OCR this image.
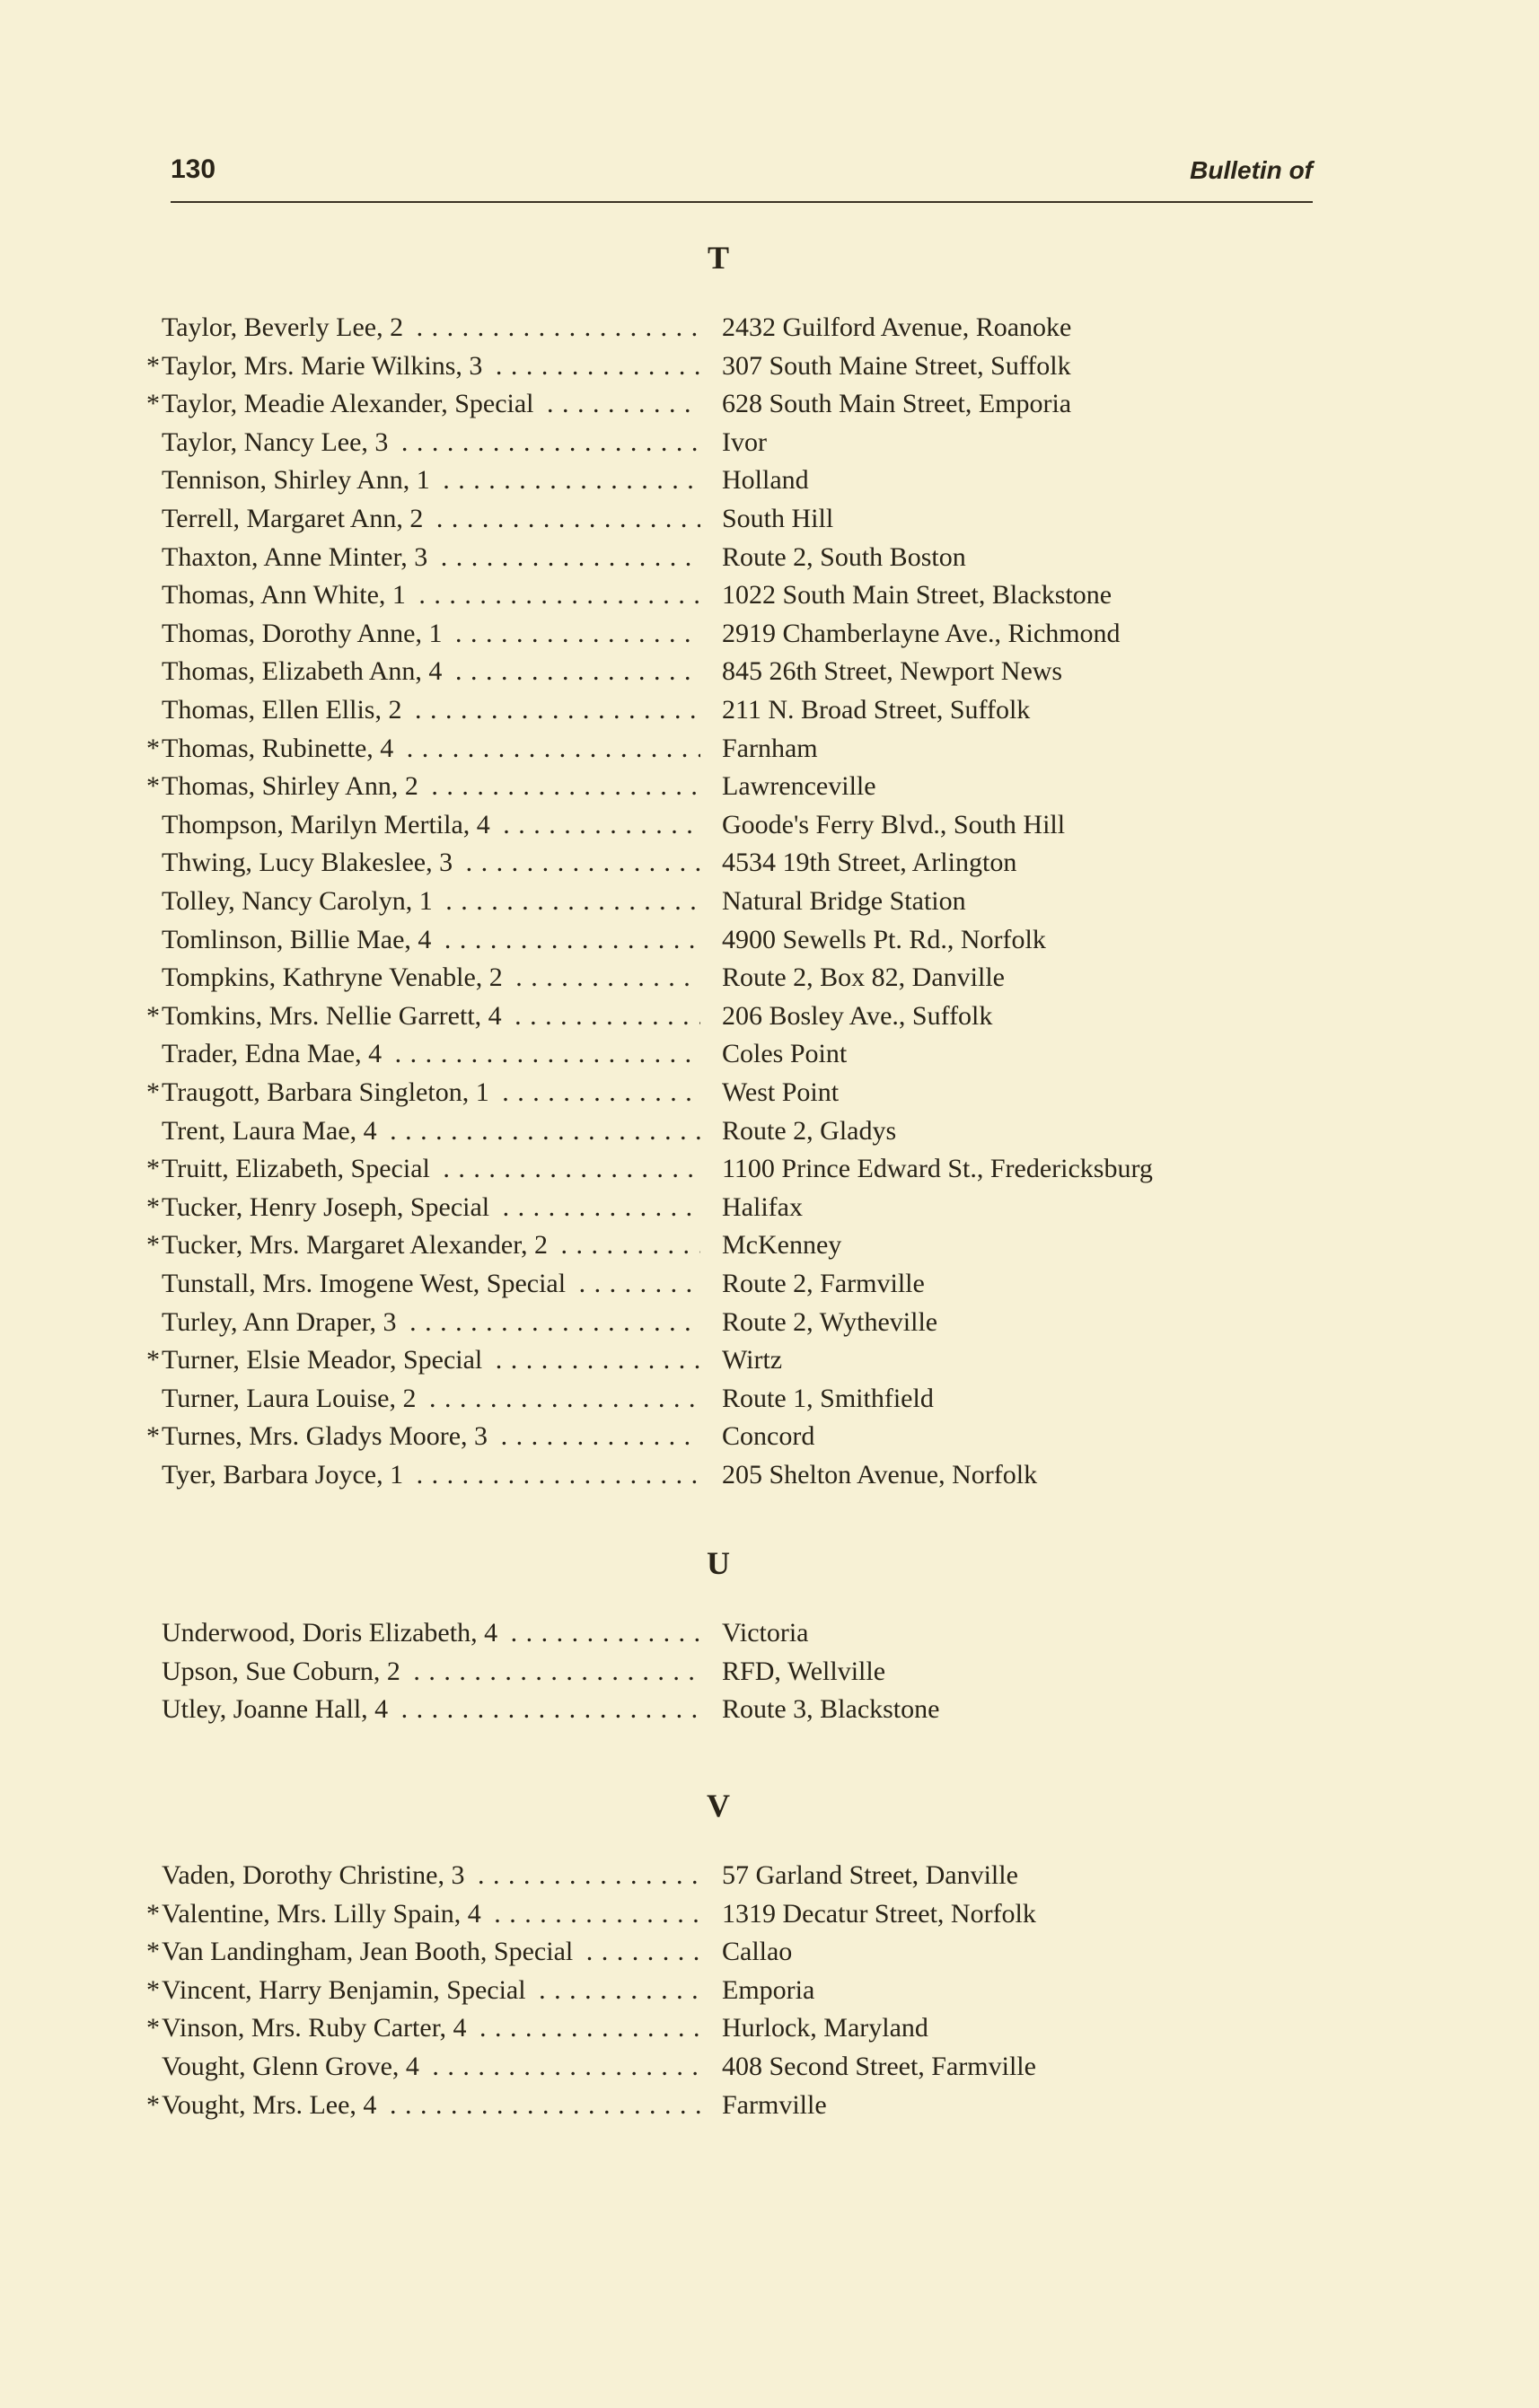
130	Bulletin of
T
U
V
Taylor, Beverly Lee, 2 . . .	2432 Guilford Avenue, Roanoke
* Taylor, Mrs. Marie Wilkins, 3 . . .	307 South Maine Street, Suffolk
* Taylor, Meadie Alexander, Special . . .	628 South Main Street, Emporia
Taylor, Nancy Lee, 3 . . .	Ivor
Tennison, Shirley Ann, 1 . . .	Holland
Terrell, Margaret Ann, 2 . . .	South Hill
Thaxton, Anne Minter, 3 . . .	Route 2, South Boston
Thomas, Ann White, 1 . . .	1022 South Main Street, Blackstone
Thomas, Dorothy Anne, 1 . . .	2919 Chamberlayne Ave., Richmond
Thomas, Elizabeth Ann, 4 . . .	845 26th Street, Newport News
Thomas, Ellen Ellis, 2 . . .	211 N. Broad Street, Suffolk
* Thomas, Rubinette, 4 . . .	Farnham
* Thomas, Shirley Ann, 2 . . .	Lawrenceville
Thompson, Marilyn Mertila, 4 . . .	Goode's Ferry Blvd., South Hill
Thwing, Lucy Blakeslee, 3 . . .	4534 19th Street, Arlington
Tolley, Nancy Carolyn, 1 . . .	Natural Bridge Station
Tomlinson, Billie Mae, 4 . . .	4900 Sewells Pt. Rd., Norfolk
Tompkins, Kathryne Venable, 2 . . .	Route 2, Box 82, Danville
* Tomkins, Mrs. Nellie Garrett, 4 . . .	206 Bosley Ave., Suffolk
Trader, Edna Mae, 4 . . .	Coles Point
* Traugott, Barbara Singleton, 1 . . .	West Point
Trent, Laura Mae, 4 . . .	Route 2, Gladys
* Truitt, Elizabeth, Special . . .	1100 Prince Edward St., Fredericksburg
* Tucker, Henry Joseph, Special . . .	Halifax
* Tucker, Mrs. Margaret Alexander, 2 . . .	McKenney
Tunstall, Mrs. Imogene West, Special . . .	Route 2, Farmville
Turley, Ann Draper, 3 . . .	Route 2, Wytheville
* Turner, Elsie Meador, Special . . .	Wirtz
Turner, Laura Louise, 2 . . .	Route 1, Smithfield
* Turnes, Mrs. Gladys Moore, 3 . . .	Concord
Tyer, Barbara Joyce, 1 . . .	205 Shelton Avenue, Norfolk
Underwood, Doris Elizabeth, 4 . . .	Victoria
Upson, Sue Coburn, 2 . . .	RFD, Wellville
Utley, Joanne Hall, 4 . . .	Route 3, Blackstone
Vaden, Dorothy Christine, 3 . . .	57 Garland Street, Danville
* Valentine, Mrs. Lilly Spain, 4 . . .	1319 Decatur Street, Norfolk
* Van Landingham, Jean Booth, Special . . .	Callao
* Vincent, Harry Benjamin, Special . . .	Emporia
* Vinson, Mrs. Ruby Carter, 4 . . .	Hurlock, Maryland
Vought, Glenn Grove, 4 . . .	408 Second Street, Farmville
* Vought, Mrs. Lee, 4 . . .	Farmville
